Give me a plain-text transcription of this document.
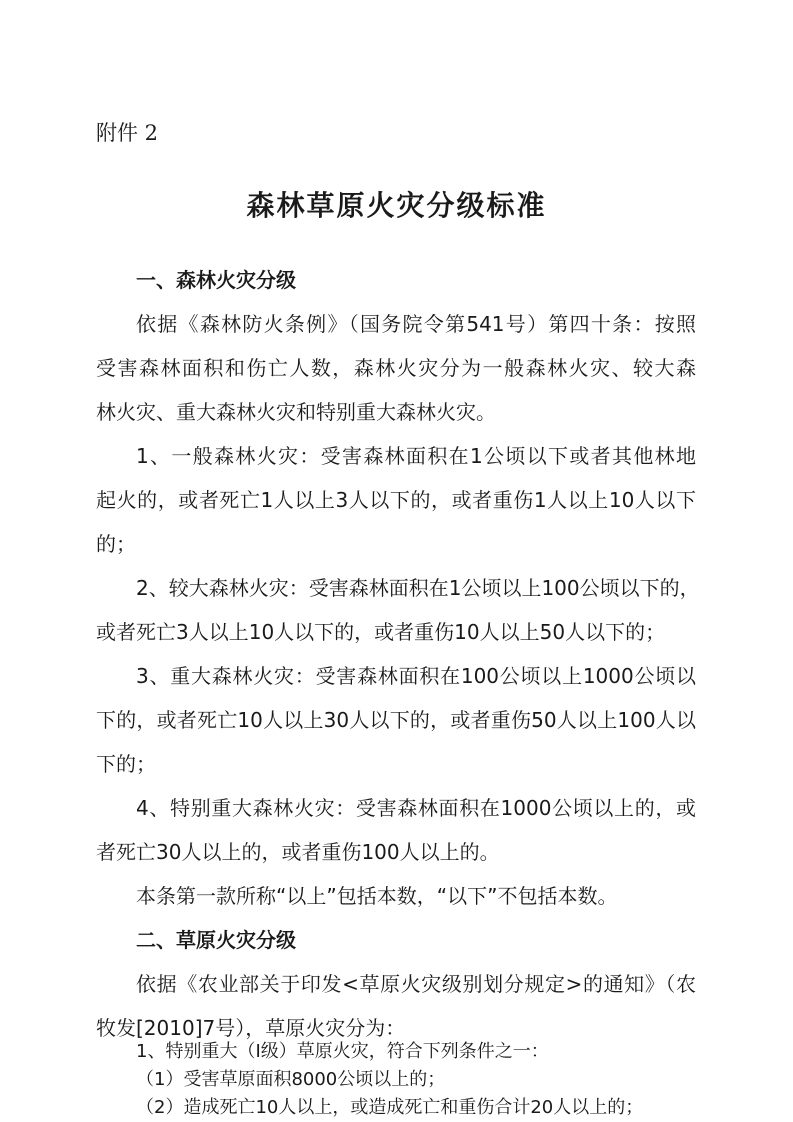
附件 2
森林草原火灾分级标准
一、森林火灾分级
依据《森林防火条例》（国务院令第541号）第四十条：按照
受害森林面积和伤亡人数，森林火灾分为一般森林火灾、较大森
林火灾、重大森林火灾和特别重大森林火灾。
1、一般森林火灾：受害森林面积在1公顷以下或者其他林地
起火的，或者死亡1人以上3人以下的，或者重伤1人以上10人以下
的；
2、较大森林火灾：受害森林面积在1公顷以上100公顷以下的，
或者死亡3人以上10人以下的，或者重伤10人以上50人以下的；
3、重大森林火灾：受害森林面积在100公顷以上1000公顷以
下的，或者死亡10人以上30人以下的，或者重伤50人以上100人以
下的；
4、特别重大森林火灾：受害森林面积在1000公顷以上的，或
者死亡30人以上的，或者重伤100人以上的。
本条第一款所称“以上”包括本数，“以下”不包括本数。
二、草原火灾分级
依据《农业部关于印发<草原火灾级别划分规定>的通知》（农
牧发[2010]7号），草原火灾分为：
1、特别重大（Ⅰ级）草原火灾，符合下列条件之一：
（1）受害草原面积8000公顷以上的；
（2）造成死亡10人以上，或造成死亡和重伤合计20人以上的；
